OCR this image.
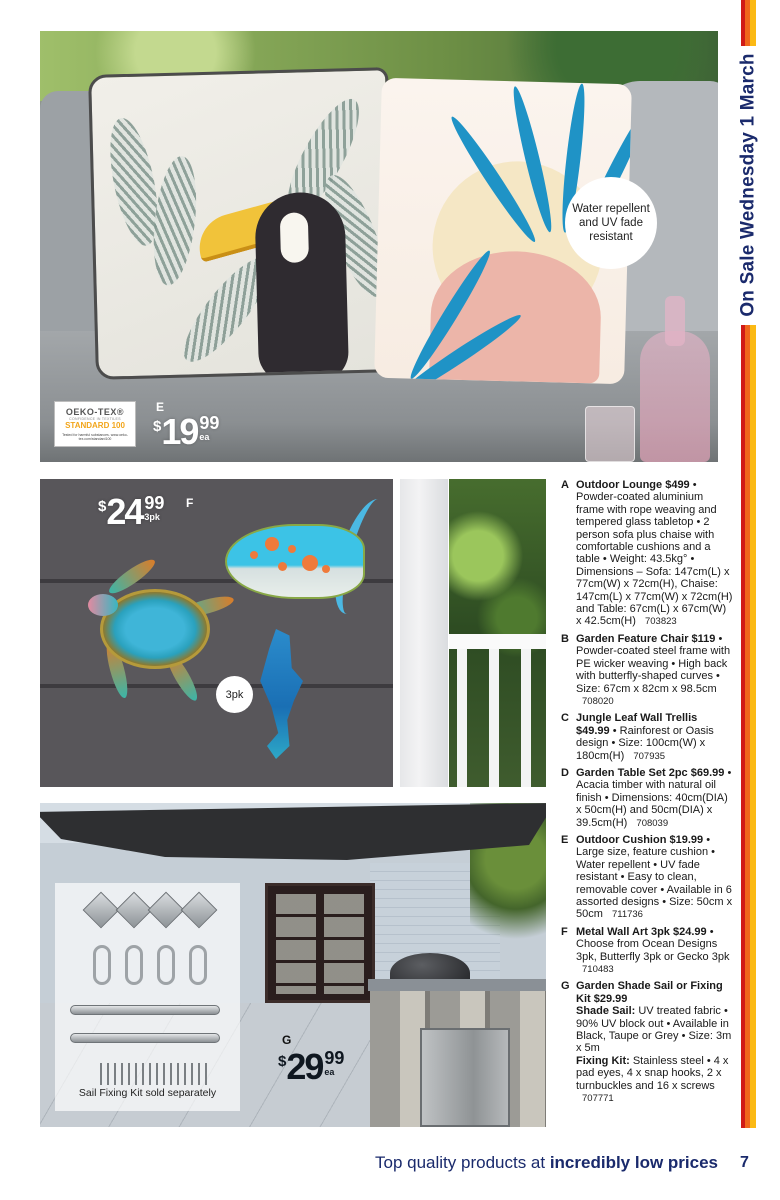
On Sale Wednesday 1 March
Water repellent and UV fade resistant
OEKO-TEX®
CONFIDENCE IN TEXTILES
STANDARD 100
Tested for harmful substances. www.oeko-tex.com/standard100
E
$ 19 99
ea
$ 24 99
3pk
F
3pk
Sail Fixing Kit sold separately
G
$ 29 99
ea
A Outdoor Lounge $499 • Powder-coated aluminium frame with rope weaving and tempered glass tabletop • 2 person sofa plus chaise with comfortable cushions and a table • Weight: 43.5kg° • Dimensions – Sofa: 147cm(L) x 77cm(W) x 72cm(H), Chaise: 147cm(L) x 77cm(W) x 72cm(H) and Table: 67cm(L) x 67cm(W) x 42.5cm(H) 703823
B Garden Feature Chair $119 • Powder-coated steel frame with PE wicker weaving • High back with butterfly-shaped curves • Size: 67cm x 82cm x 98.5cm 708020
C Jungle Leaf Wall Trellis $49.99 • Rainforest or Oasis design • Size: 100cm(W) x 180cm(H) 707935
D Garden Table Set 2pc $69.99 • Acacia timber with natural oil finish • Dimensions: 40cm(DIA) x 50cm(H) and 50cm(DIA) x 39.5cm(H) 708039
E Outdoor Cushion $19.99 • Large size, feature cushion • Water repellent • UV fade resistant • Easy to clean, removable cover • Available in 6 assorted designs • Size: 50cm x 50cm 711736
F Metal Wall Art 3pk $24.99 • Choose from Ocean Designs 3pk, Butterfly 3pk or Gecko 3pk 710483
G Garden Shade Sail or Fixing Kit $29.99
Shade Sail: UV treated fabric • 90% UV block out • Available in Black, Taupe or Grey • Size: 3m x 5m
Fixing Kit: Stainless steel • 4 x pad eyes, 4 x snap hooks, 2 x turnbuckles and 16 x screws 707771
Top quality products at incredibly low prices 7
